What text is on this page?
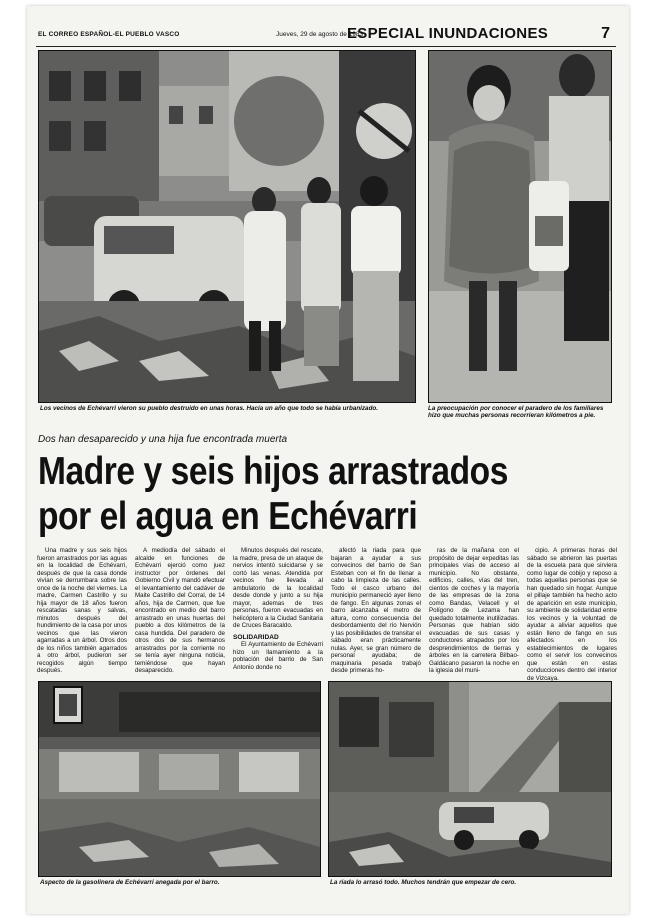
EL CORREO ESPAÑOL-EL PUEBLO VASCO	Jueves, 29 de agosto de 1983
ESPECIAL INUNDACIONES	7
Los vecinos de Echévarri vieron su pueblo destruido en unas horas. Hacía un año que todo se había urbanizado.	La preocupación por conocer el paradero de los familiares hizo que muchas personas recorrieran kilómetros a pie.
Dos han desaparecido y una hija fue encontrada muerta
Madre y seis hijos arrastrados
por el agua en Echévarri

Una madre y sus seis hijos fueron arrastrados por las aguas en la localidad de Echévarri, después de que la casa donde vivían se derrumbara sobre las once de la noche del viernes. La madre, Carmen Castrillo y su hija mayor de 18 años fueron rescatadas sanas y salvas, minutos después del hundimiento de la casa por unos vecinos que las vieron agarradas a un árbol. Otros dos de los niños también agarrados a otro árbol, pudieron ser recogidos algún tiempo después.

A mediodía del sábado el alcalde en funciones de Echévarri ejerció como juez instructor por órdenes del Gobierno Civil y mandó efectuar el levantamiento del cadáver de Maite Castrillo del Corral, de 14 años, hija de Carmen, que fue encontrado en medio del barro arrastrado en unas huertas del pueblo a dos kilómetros de la casa hundida. Del paradero de otros dos de sus hermanos arrastrados por la corriente no se tenía ayer ninguna noticia, temiéndose que hayan desaparecido.

Minutos después del rescate, la madre, presa de un ataque de nervios intentó suicidarse y se cortó las venas. Atendida por vecinos fue llevada al ambulatorio de la localidad desde donde y junto a su hija mayor, ademas de tres personas, fueron evacuadas en helicóptero a la Ciudad Sanitaria de Cruces Baracaldo.

SOLIDARIDAD

El Ayuntamiento de Echévarri hizo un llamamiento a la población del barrio de San Antonio donde no

afectó la riada para que bajaran a ayudar a sus convecinos del barrio de San Esteban con el fin de llenar a cabo la limpieza de las calles. Todo el casco urbano del municipio permaneció ayer lleno de fango. En algunas zonas el barro alcanzaba el metro de altura, como consecuencia del desbordamiento del río Nervión y las posibilidades de transitar el sábado eran prácticamente nulas. Ayer, se gran número de personal ayudaba; de maquinaria pesada trabajó desde primeras ho-

ras de la mañana con el propósito de dejar expeditas las principales vías de acceso al municipio. No obstante, edificios, calles, vías del tren, cientos de coches y la mayoría de las empresas de la zona como Bandas, Velacell y el Polígono de Lezama han quedado totalmente inutilizadas. Personas que habían sido evacuadas de sus casas y conductores atrapados por los desprendimientos de tierras y árboles en la carretera Bilbao-Galdácano pasaron la noche en la iglesia del muni-

cipio. A primeras horas del sábado se abrieron las puertas de la escuela para que sirviera como lugar de cobijo y reposo a todas aquellas personas que se han quedado sin hogar. Aunque el pillaje también ha hecho acto de aparición en este municipio, su ambiente de solidaridad entre los vecinos y la voluntad de ayudar a aliviar aquellos que están lleno de fango en sus afectados en los establecimientos de lugares como el servir los convecinos que están en estas conducciones dentro del interior de Vizcaya.

Aspecto de la gasolinera de Echévarri anegada por el barro.	La riada lo arrasó todo. Muchos tendrán que empezar de cero.
